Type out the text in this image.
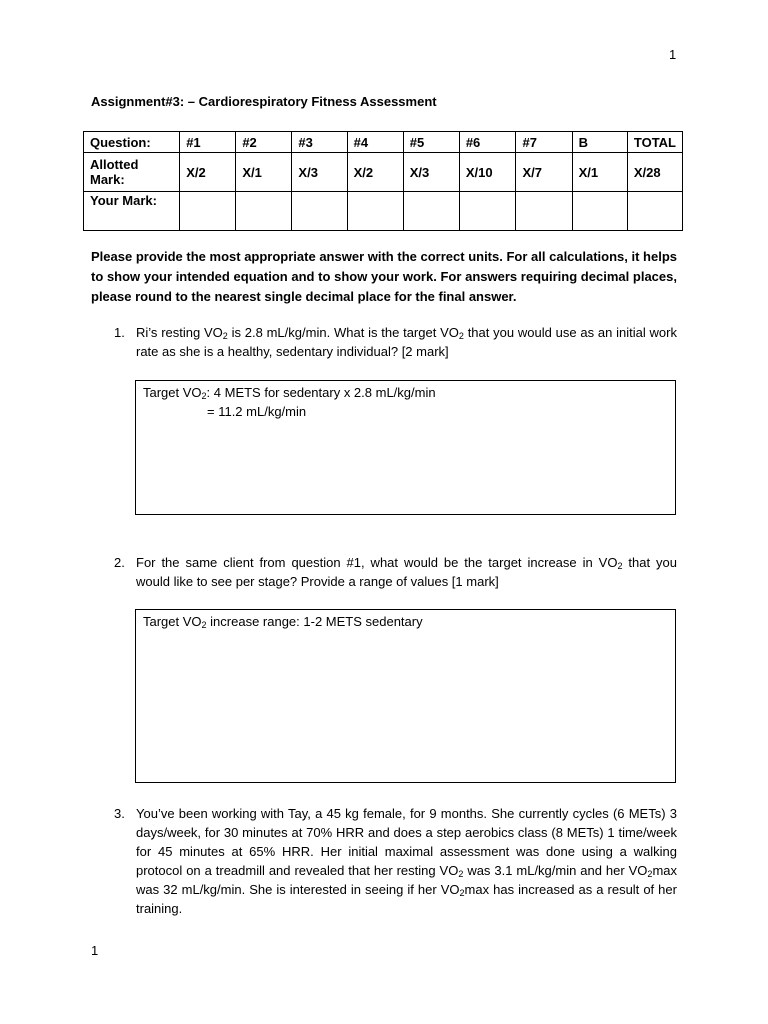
1
Assignment#3: – Cardiorespiratory Fitness Assessment
Question:	#1	#2	#3	#4	#5	#6	#7	B	TOTAL
Allotted Mark:	X/2	X/1	X/3	X/2	X/3	X/10	X/7	X/1	X/28
Your Mark:									
Please provide the most appropriate answer with the correct units. For all calculations, it helps to show your intended equation and to show your work. For answers requiring decimal places, please round to the nearest single decimal place for the final answer.
1. Ri’s resting $VO_2$ is 2.8 mL/kg/min. What is the target $VO_2$ that you would use as an initial work rate as she is a healthy, sedentary individual? [2 mark]
Target $VO_2$: 4 METS for sedentary x 2.8 mL/kg/min
= 11.2 mL/kg/min
2. For the same client from question #1, what would be the target increase in $VO_2$ that you would like to see per stage? Provide a range of values [1 mark]
Target $VO_2$ increase range: 1-2 METS sedentary
3. You’ve been working with Tay, a 45 kg female, for 9 months. She currently cycles (6 METs) 3 days/week, for 30 minutes at 70% HRR and does a step aerobics class (8 METs) 1 time/week for 45 minutes at 65% HRR. Her initial maximal assessment was done using a walking protocol on a treadmill and revealed that her resting $VO_2$ was 3.1 mL/kg/min and her $VO_2\max$ was 32 mL/kg/min. She is interested in seeing if her $VO_2\max$ has increased as a result of her training.
1
